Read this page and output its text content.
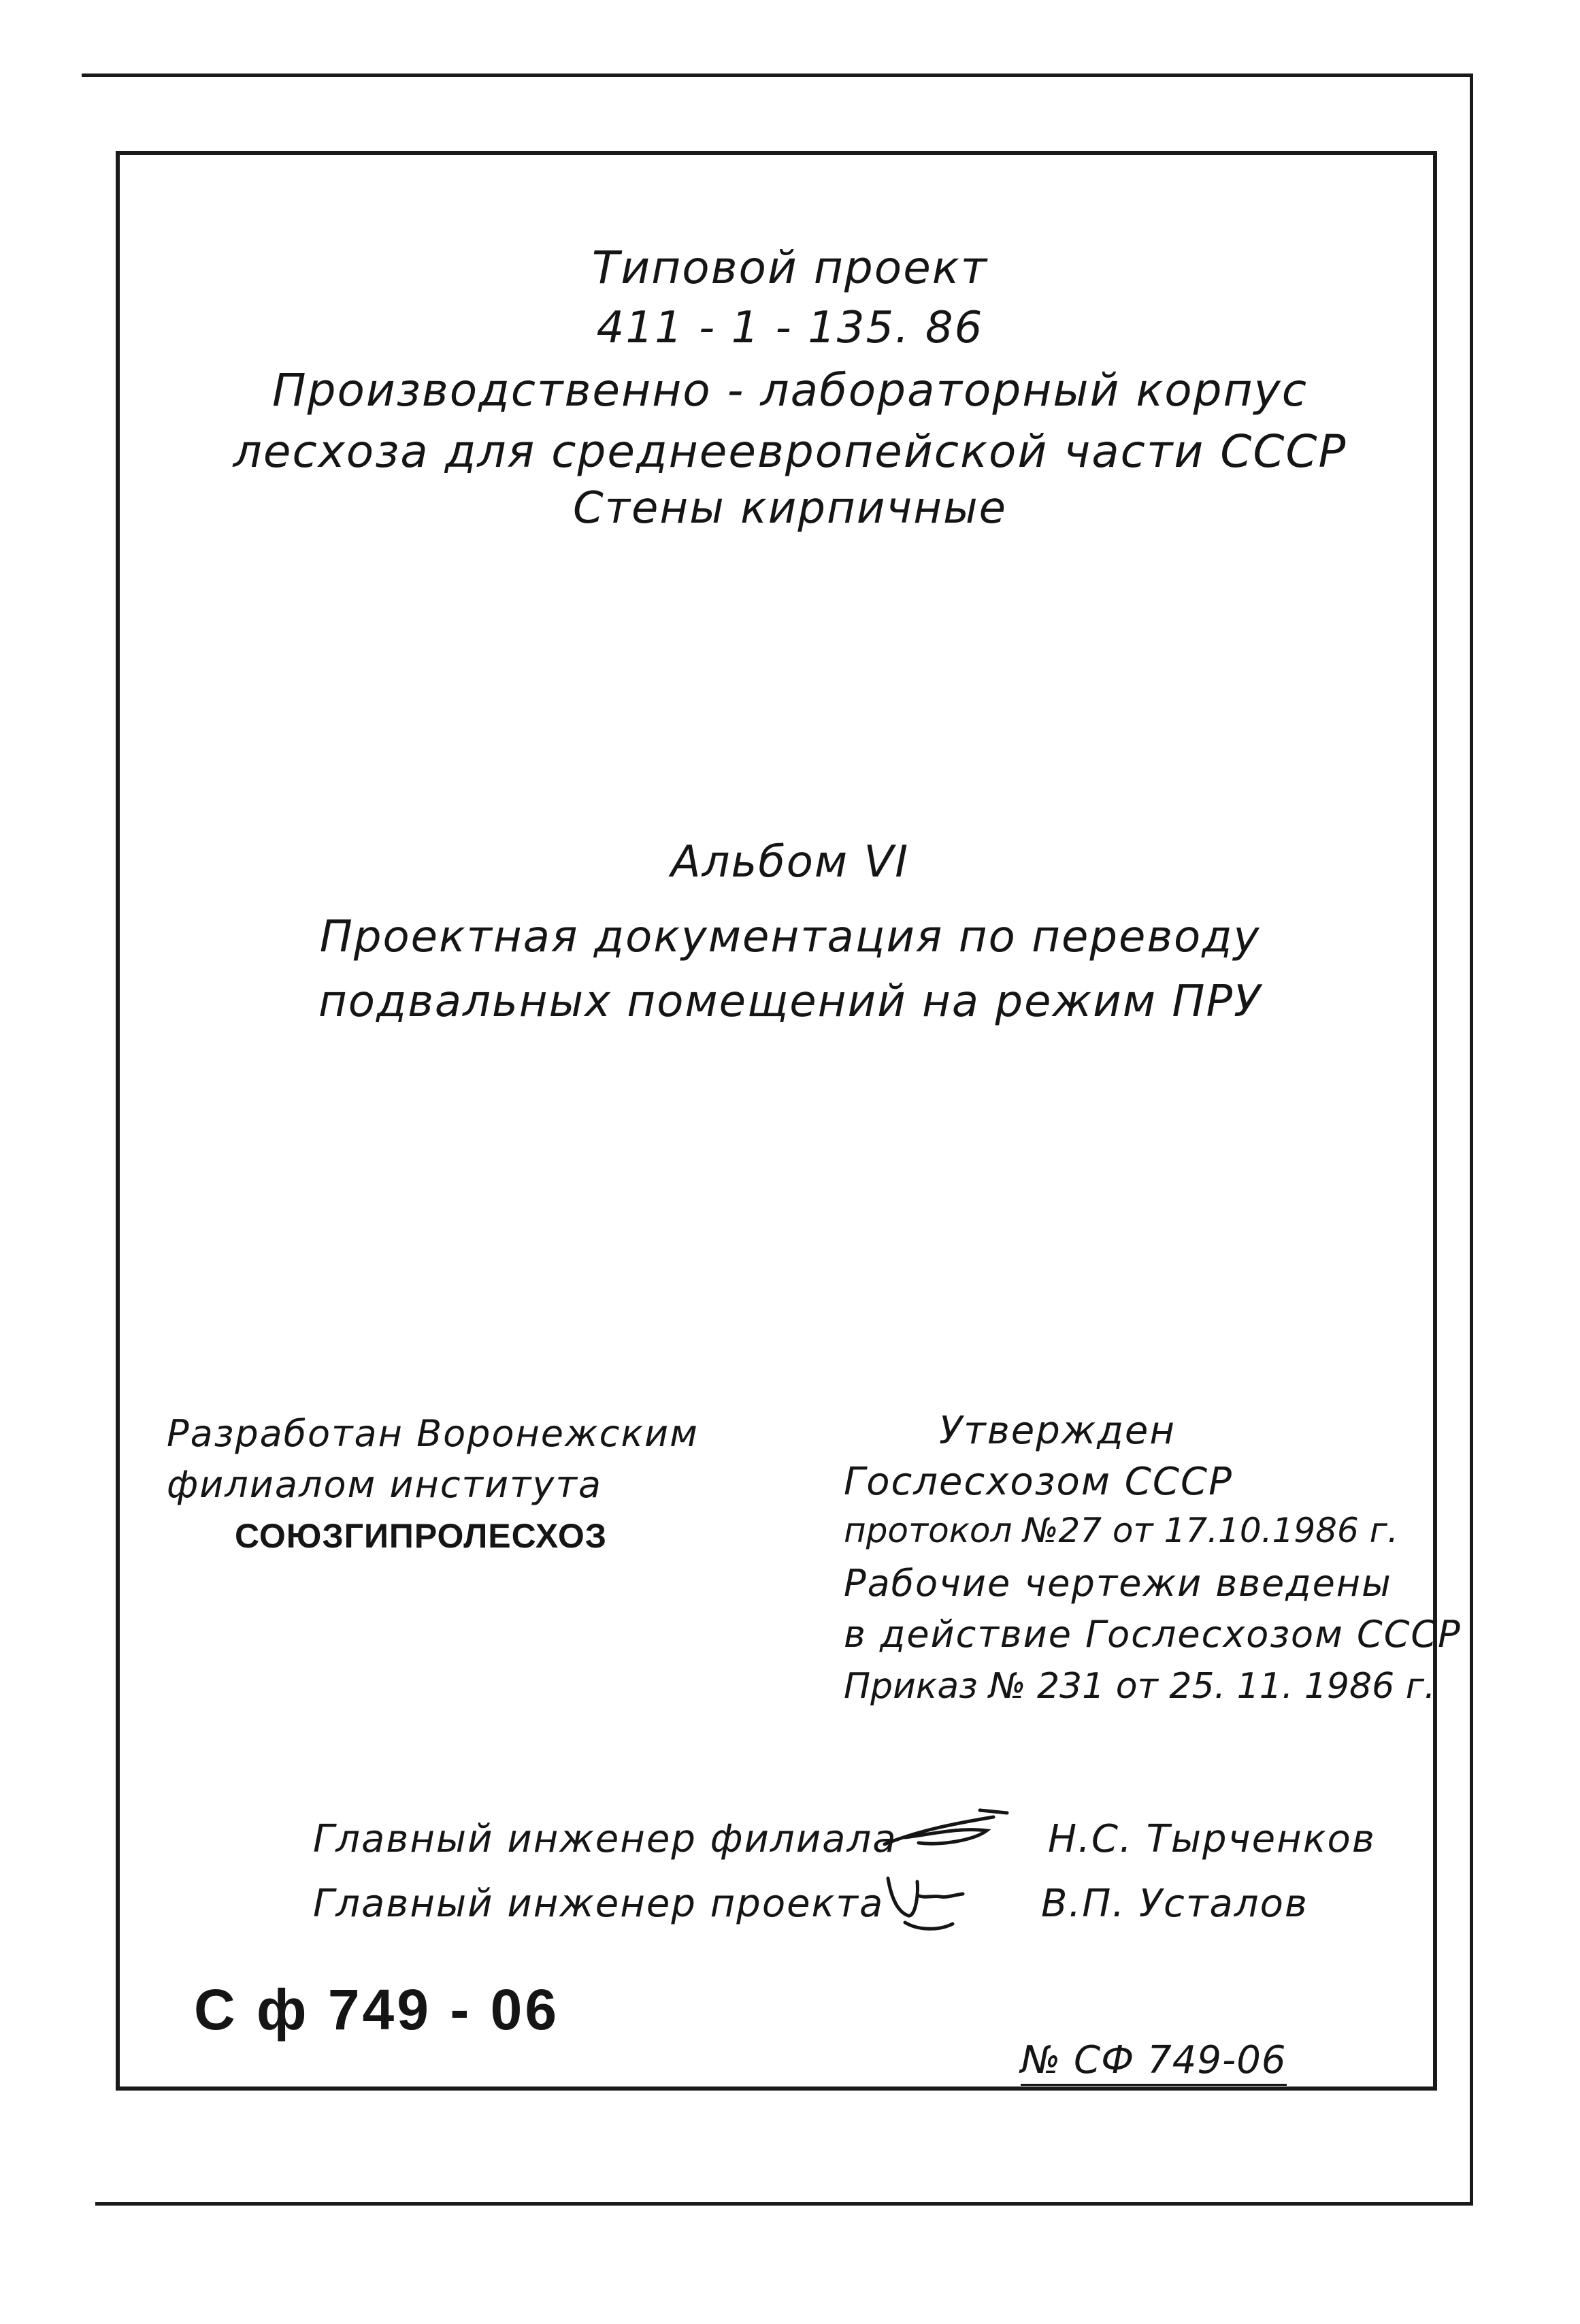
Типовой проект
411 - 1 - 135. 86
Производственно - лабораторный корпус
лесхоза для среднеевропейской части СССР
Стены кирпичные
Альбом VI
Проектная документация по переводу
подвальных помещений на режим ПРУ
Разработан Воронежским
филиалом института
СОЮЗГИПРОЛЕСХОЗ
Утвержден
Гослесхозом СССР
протокол №27 от 17.10.1986 г.
Рабочие чертежи введены
в действие Гослесхозом СССР
Приказ № 231 от 25. 11. 1986 г.
Главный инженер филиала	Н.С. Тырченков
Главный инженер проекта	В.П. Усталов
С ф 749 - 06
№ СФ 749-06
